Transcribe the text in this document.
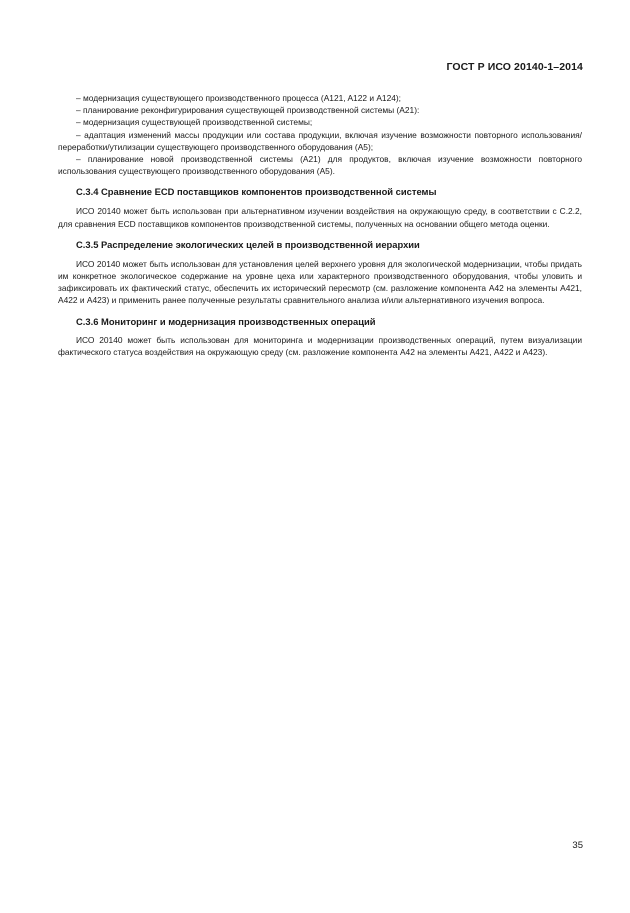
ГОСТ Р ИСО 20140-1–2014

– модернизация существующего производственного процесса (A121, A122 и A124);

– планирование реконфигурирования существующей производственной системы (A21):

– модернизация существующей производственной системы;

– адаптация изменений массы продукции или состава продукции, включая изучение возможности повторного использования/переработки/утилизации существующего производственного оборудования (A5);

– планирование новой производственной системы (A21) для продуктов, включая изучение возможности повторного использования существующего производственного оборудования (A5).

C.3.4 Сравнение ECD поставщиков компонентов производственной системы

ИСО 20140 может быть использован при альтернативном изучении воздействия на окружающую среду, в соответствии с С.2.2, для сравнения ECD поставщиков компонентов производственной системы, полученных на основании общего метода оценки.

C.3.5 Распределение экологических целей в производственной иерархии

ИСО 20140 может быть использован для установления целей верхнего уровня для экологической модернизации, чтобы придать им конкретное экологическое содержание на уровне цеха или характерного производственного оборудования, чтобы уловить и зафиксировать их фактический статус, обеспечить их исторический пересмотр (см. разложение компонента А42 на элементы А421, А422 и А423) и применить ранее полученные результаты сравнительного анализа и/или альтернативного изучения вопроса.

C.3.6 Мониторинг и модернизация производственных операций

ИСО 20140 может быть использован для мониторинга и модернизации производственных операций, путем визуализации фактического статуса воздействия на окружающую среду (см. разложение компонента А42 на элементы А421, А422 и А423).

35
